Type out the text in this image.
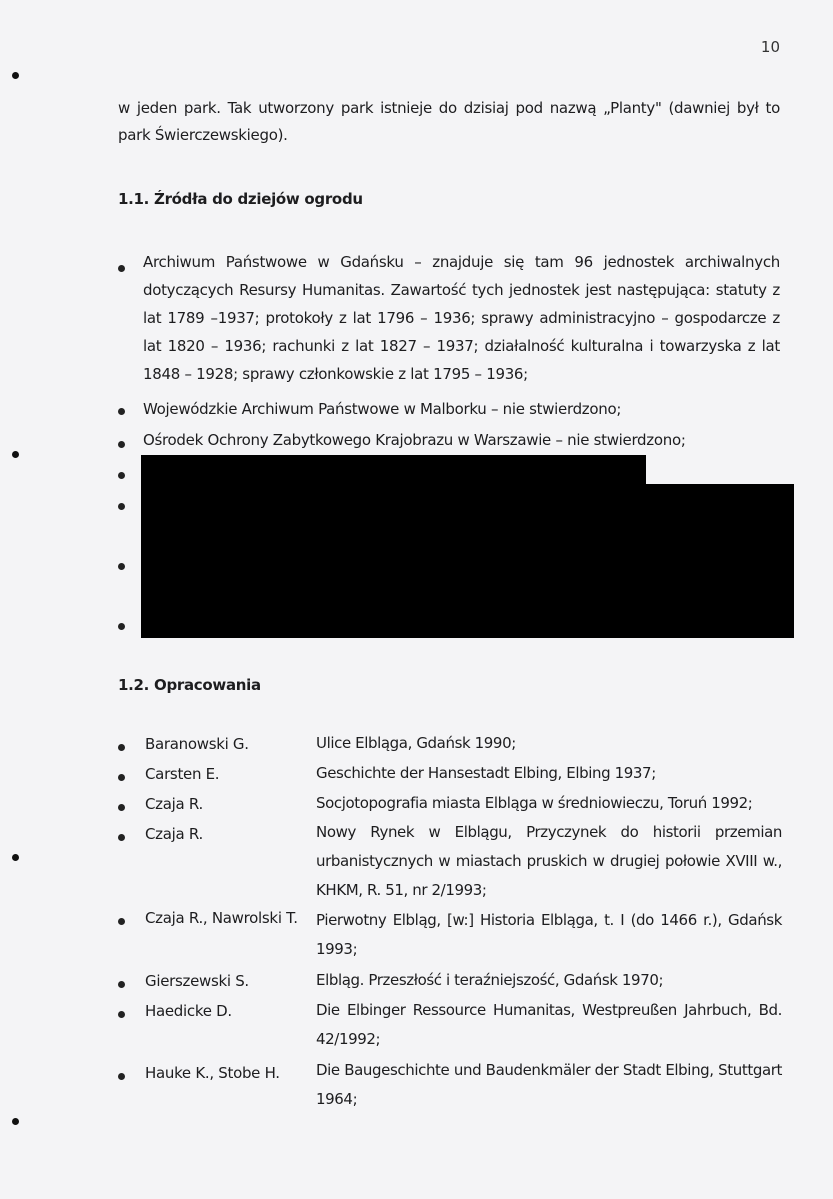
10
w jeden park. Tak utworzony park istnieje do dzisiaj pod nazwą „Planty" (dawniej był to park Świerczewskiego).
1.1. Źródła do dziejów ogrodu
Archiwum Państwowe w Gdańsku – znajduje się tam 96 jednostek archiwalnych dotyczących Resursy Humanitas. Zawartość tych jednostek jest następująca: statuty z lat 1789 –1937; protokoły z lat 1796 – 1936; sprawy administracyjno – gospodarcze z lat 1820 – 1936; rachunki z lat 1827 – 1937; działalność kulturalna i towarzyska z lat 1848 – 1928; sprawy członkowskie z lat 1795 – 1936;
Wojewódzkie Archiwum Państwowe w Malborku – nie stwierdzono;
Ośrodek Ochrony Zabytkowego Krajobrazu w Warszawie – nie stwierdzono;
1.2. Opracowania
Baranowski G.	Ulice Elbląga, Gdańsk 1990;
Carsten E.	Geschichte der Hansestadt Elbing, Elbing 1937;
Czaja R.	Socjotopografia miasta Elbląga w średniowieczu, Toruń 1992;
Czaja R.	Nowy Rynek w Elblągu, Przyczynek do historii przemian urbanistycznych w miastach pruskich w drugiej połowie XVIII w., KHKM, R. 51, nr 2/1993;
Czaja R., Nawrolski T. Pierwotny Elbląg, [w:] Historia Elbląga, t. I (do 1466 r.), Gdańsk 1993;
Gierszewski S.	Elbląg. Przeszłość i teraźniejszość, Gdańsk 1970;
Haedicke D.	Die Elbinger Ressource Humanitas, Westpreußen Jahrbuch, Bd. 42/1992;
Hauke K., Stobe H. Die Baugeschichte und Baudenkmäler der Stadt Elbing, Stuttgart 1964;
